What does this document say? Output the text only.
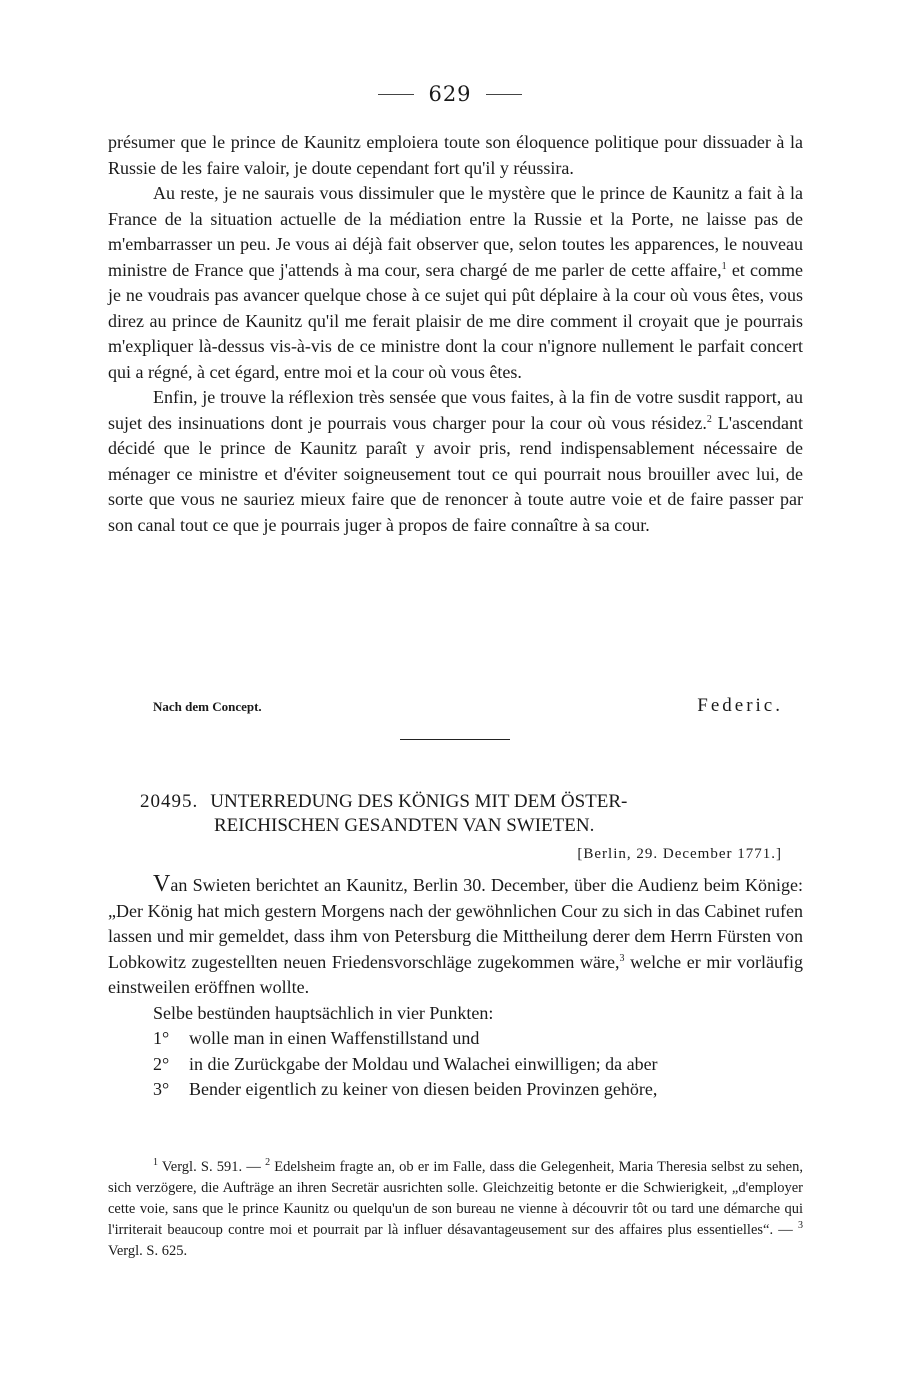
629

présumer que le prince de Kaunitz emploiera toute son éloquence politique pour dissuader à la Russie de les faire valoir, je doute cependant fort qu'il y réussira.

Au reste, je ne saurais vous dissimuler que le mystère que le prince de Kaunitz a fait à la France de la situation actuelle de la médiation entre la Russie et la Porte, ne laisse pas de m'embarrasser un peu. Je vous ai déjà fait observer que, selon toutes les apparences, le nouveau ministre de France que j'attends à ma cour, sera chargé de me parler de cette affaire,$^1$ et comme je ne voudrais pas avancer quelque chose à ce sujet qui pût déplaire à la cour où vous êtes, vous direz au prince de Kaunitz qu'il me ferait plaisir de me dire comment il croyait que je pourrais m'expliquer là-dessus vis-à-vis de ce ministre dont la cour n'ignore nullement le parfait concert qui a régné, à cet égard, entre moi et la cour où vous êtes.

Enfin, je trouve la réflexion très sensée que vous faites, à la fin de votre susdit rapport, au sujet des insinuations dont je pourrais vous charger pour la cour où vous résidez.$^2$ L'ascendant décidé que le prince de Kaunitz paraît y avoir pris, rend indispensablement nécessaire de ménager ce ministre et d'éviter soigneusement tout ce qui pourrait nous brouiller avec lui, de sorte que vous ne sauriez mieux faire que de renoncer à toute autre voie et de faire passer par son canal tout ce que je pourrais juger à propos de faire connaître à sa cour.

Nach dem Concept.	Federic.
20495. UNTERREDUNG DES KÖNIGS MIT DEM ÖSTER-
REICHISCHEN GESANDTEN VAN SWIETEN.
[Berlin, 29. December 1771.]

Van Swieten berichtet an Kaunitz, Berlin 30. December, über die Audienz beim Könige: „Der König hat mich gestern Morgens nach der gewöhnlichen Cour zu sich in das Cabinet rufen lassen und mir gemeldet, dass ihm von Petersburg die Mittheilung derer dem Herrn Fürsten von Lobkowitz zugestellten neuen Friedensvorschläge zugekommen wäre,$^3$ welche er mir vorläufig einstweilen eröffnen wollte.

Selbe bestünden hauptsächlich in vier Punkten:

1°	wolle man in einen Waffenstillstand und
2°	in die Zurückgabe der Moldau und Walachei einwilligen; da aber
3°	Bender eigentlich zu keiner von diesen beiden Provinzen gehöre,

$^1$ Vergl. S. 591. — $^2$ Edelsheim fragte an, ob er im Falle, dass die Gelegenheit, Maria Theresia selbst zu sehen, sich verzögere, die Aufträge an ihren Secretär ausrichten solle. Gleichzeitig betonte er die Schwierigkeit, „d'employer cette voie, sans que le prince Kaunitz ou quelqu'un de son bureau ne vienne à découvrir tôt ou tard une démarche qui l'irriterait beaucoup contre moi et pourrait par là influer désavantageusement sur des affaires plus essentielles“. — $^3$ Vergl. S. 625.
